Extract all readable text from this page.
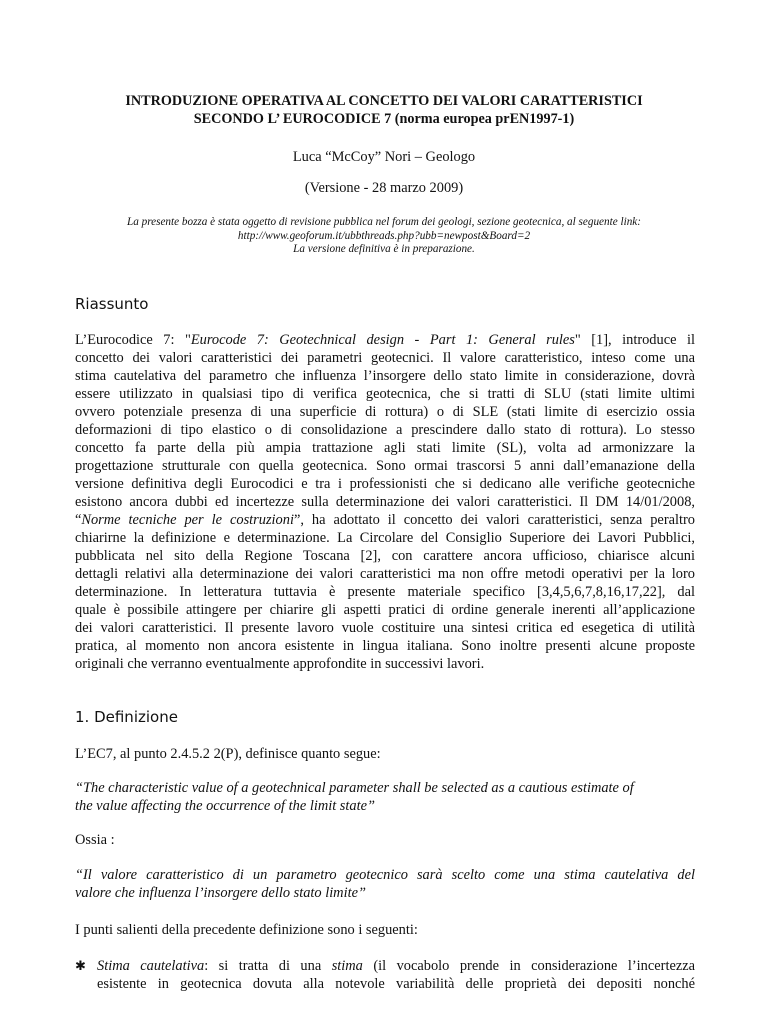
INTRODUZIONE OPERATIVA AL CONCETTO DEI VALORI CARATTERISTICI
SECONDO L’ EUROCODICE 7 (norma europea prEN1997-1)
Luca “McCoy” Nori – Geologo
(Versione - 28 marzo 2009)
La presente bozza è stata oggetto di revisione pubblica nel forum dei geologi, sezione geotecnica, al seguente link:
http://www.geoforum.it/ubbthreads.php?ubb=newpost&Board=2
La versione definitiva è in preparazione.
Riassunto
L’Eurocodice 7: "Eurocode 7: Geotechnical design - Part 1: General rules" [1], introduce il
concetto dei valori caratteristici dei parametri geotecnici. Il valore caratteristico, inteso come una
stima cautelativa del parametro che influenza l’insorgere dello stato limite in considerazione, dovrà
essere utilizzato in qualsiasi tipo di verifica geotecnica, che si tratti di SLU (stati limite ultimi
ovvero potenziale presenza di una superficie di rottura) o di SLE (stati limite di esercizio ossia
deformazioni di tipo elastico o di consolidazione a prescindere dallo stato di rottura). Lo stesso
concetto fa parte della più ampia trattazione agli stati limite (SL), volta ad armonizzare la
progettazione strutturale con quella geotecnica. Sono ormai trascorsi 5 anni dall’emanazione della
versione definitiva degli Eurocodici e tra i professionisti che si dedicano alle verifiche geotecniche
esistono ancora dubbi ed incertezze sulla determinazione dei valori caratteristici. Il DM 14/01/2008,
“Norme tecniche per le costruzioni”, ha adottato il concetto dei valori caratteristici, senza peraltro
chiarirne la definizione e determinazione. La Circolare del Consiglio Superiore dei Lavori Pubblici,
pubblicata nel sito della Regione Toscana [2], con carattere ancora ufficioso, chiarisce alcuni
dettagli relativi alla determinazione dei valori caratteristici ma non offre metodi operativi per la loro
determinazione. In letteratura tuttavia è presente materiale specifico [3,4,5,6,7,8,16,17,22], dal
quale è possibile attingere per chiarire gli aspetti pratici di ordine generale inerenti all’applicazione
dei valori caratteristici. Il presente lavoro vuole costituire una sintesi critica ed esegetica di utilità
pratica, al momento non ancora esistente in lingua italiana. Sono inoltre presenti alcune proposte
originali che verranno eventualmente approfondite in successivi lavori.
1. Definizione
L’EC7, al punto 2.4.5.2 2(P), definisce quanto segue:
“The characteristic value of a geotechnical parameter shall be selected as a cautious estimate of
the value affecting the occurrence of the limit state”
Ossia :
“Il valore caratteristico di un parametro geotecnico sarà scelto come una stima cautelativa del
valore che influenza l’insorgere dello stato limite”
I punti salienti della precedente definizione sono i seguenti:
✱ Stima cautelativa: si tratta di una stima (il vocabolo prende in considerazione l’incertezza
esistente in geotecnica dovuta alla notevole variabilità delle proprietà dei depositi nonché
